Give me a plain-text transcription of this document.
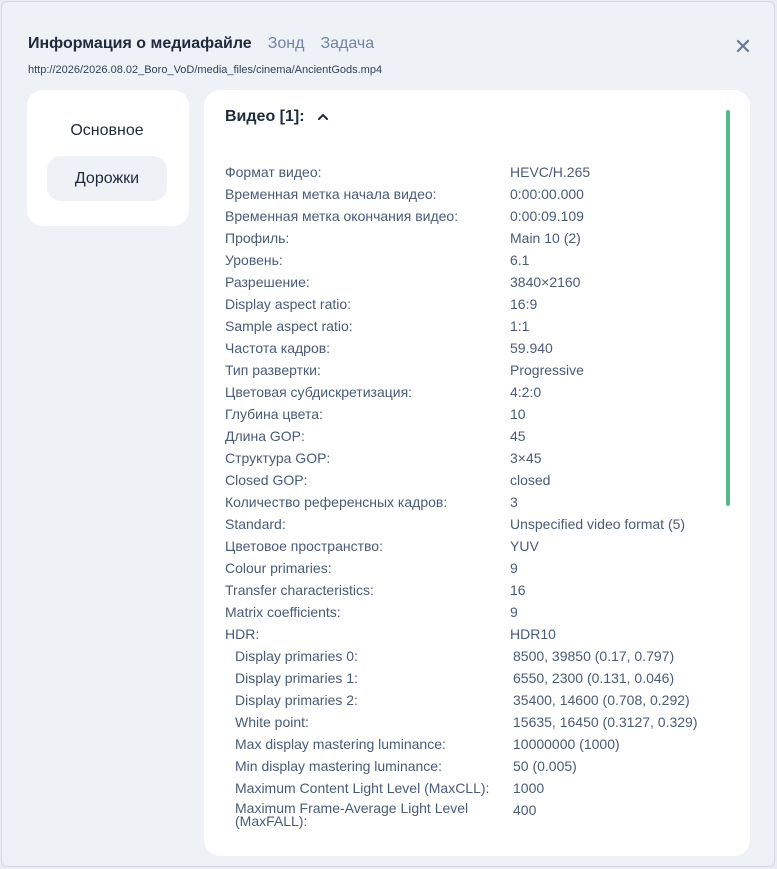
Информация о медиафайле Зонд Задача
http://2026/2026.08.02_Boro_VoD/media_files/cinema/AncientGods.mp4
✕
Основное
Дорожки
Видео [1]:
Формат видео:	HEVC/H.265
Временная метка начала видео:	0:00:00.000
Временная метка окончания видео:	0:00:09.109
Профиль:	Main 10 (2)
Уровень:	6.1
Разрешение:	3840×2160
Display aspect ratio:	16:9
Sample aspect ratio:	1:1
Частота кадров:	59.940
Тип развертки:	Progressive
Цветовая субдискретизация:	4:2:0
Глубина цвета:	10
Длина GOP:	45
Структура GOP:	3×45
Closed GOP:	closed
Количество референсных кадров:	3
Standard:	Unspecified video format (5)
Цветовое пространство:	YUV
Colour primaries:	9
Transfer characteristics:	16
Matrix coefficients:	9
HDR:	HDR10
Display primaries 0:	8500, 39850 (0.17, 0.797)
Display primaries 1:	6550, 2300 (0.131, 0.046)
Display primaries 2:	35400, 14600 (0.708, 0.292)
White point:	15635, 16450 (0.3127, 0.329)
Max display mastering luminance:	10000000 (1000)
Min display mastering luminance:	50 (0.005)
Maximum Content Light Level (MaxCLL): 1000
Maximum Frame-Average Light Level
(MaxFALL):
400
